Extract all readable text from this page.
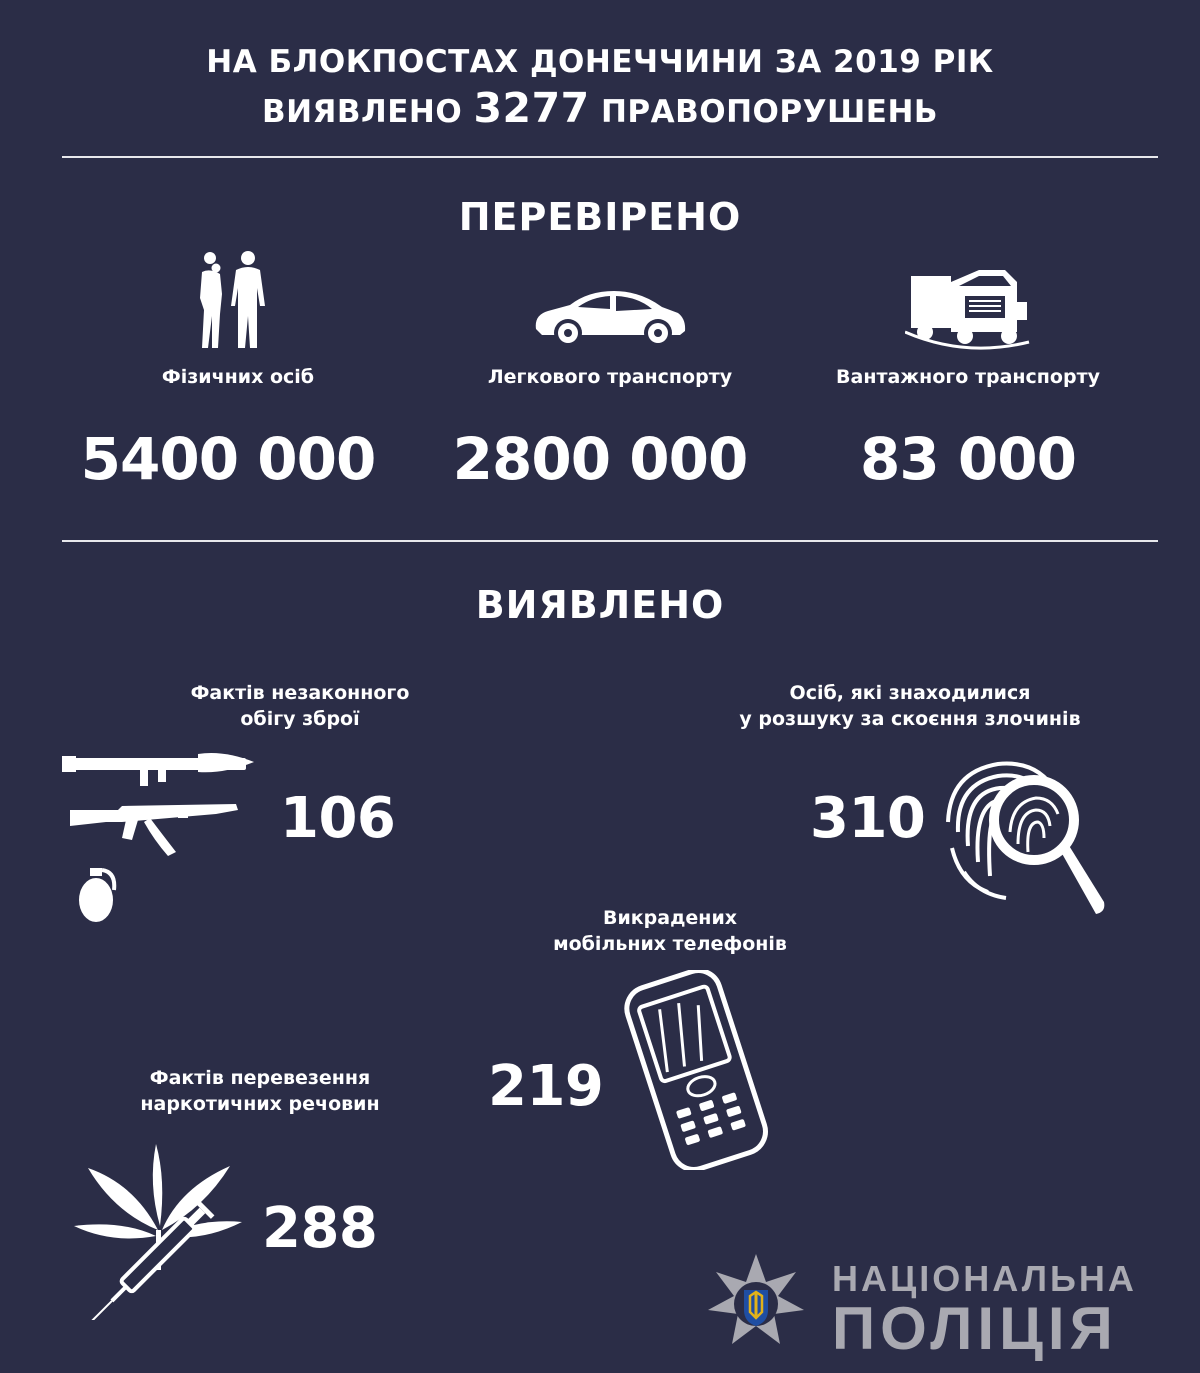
НА БЛОКПОСТАХ ДОНЕЧЧИНИ ЗА 2019 РІК
ВИЯВЛЕНО 3277 ПРАВОПОРУШЕНЬ
ПЕРЕВІРЕНО
Фізичних осіб
5400 000
Легкового транспорту
2800 000
Вантажного транспорту
83 000
ВИЯВЛЕНО
Фактів незаконного
обігу зброї
106
Осіб, які знаходилися
у розшуку за скоєння злочинів
310
Викрадених
мобільних телефонів
219
Фактів перевезення
наркотичних речовин
288
НАЦІОНАЛЬНА
ПОЛІЦІЯ
